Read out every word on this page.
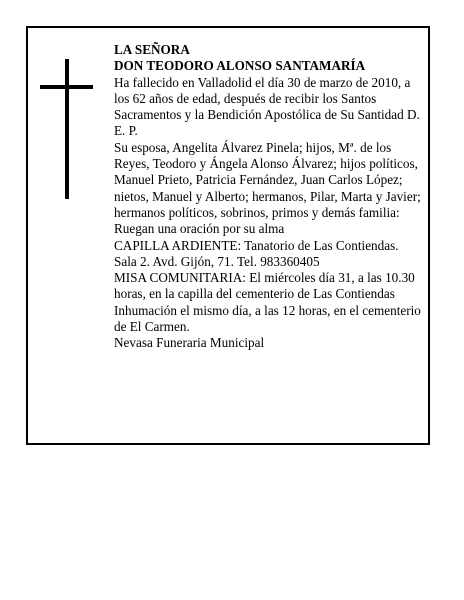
LA SEÑORA

DON TEODORO ALONSO SANTAMARÍA

Ha fallecido en Valladolid el día 30 de marzo de 2010, a los 62 años de edad, después de recibir los Santos Sacramentos y la Bendición Apostólica de Su Santidad D. E. P.

Su esposa, Angelita Álvarez Pinela; hijos, Mª. de los Reyes, Teodoro y Ángela Alonso Álvarez; hijos políticos, Manuel Prieto, Patricia Fernández, Juan Carlos López; nietos, Manuel y Alberto; hermanos, Pilar, Marta y Javier; hermanos políticos, sobrinos, primos y demás familia:

Ruegan una oración por su alma

CAPILLA ARDIENTE: Tanatorio de Las Contiendas. Sala 2. Avd. Gijón, 71. Tel. 983360405

MISA COMUNITARIA: El miércoles día 31, a las 10.30 horas, en la capilla del cementerio de Las Contiendas

Inhumación el mismo día, a las 12 horas, en el cementerio de El Carmen.

Nevasa Funeraria Municipal
